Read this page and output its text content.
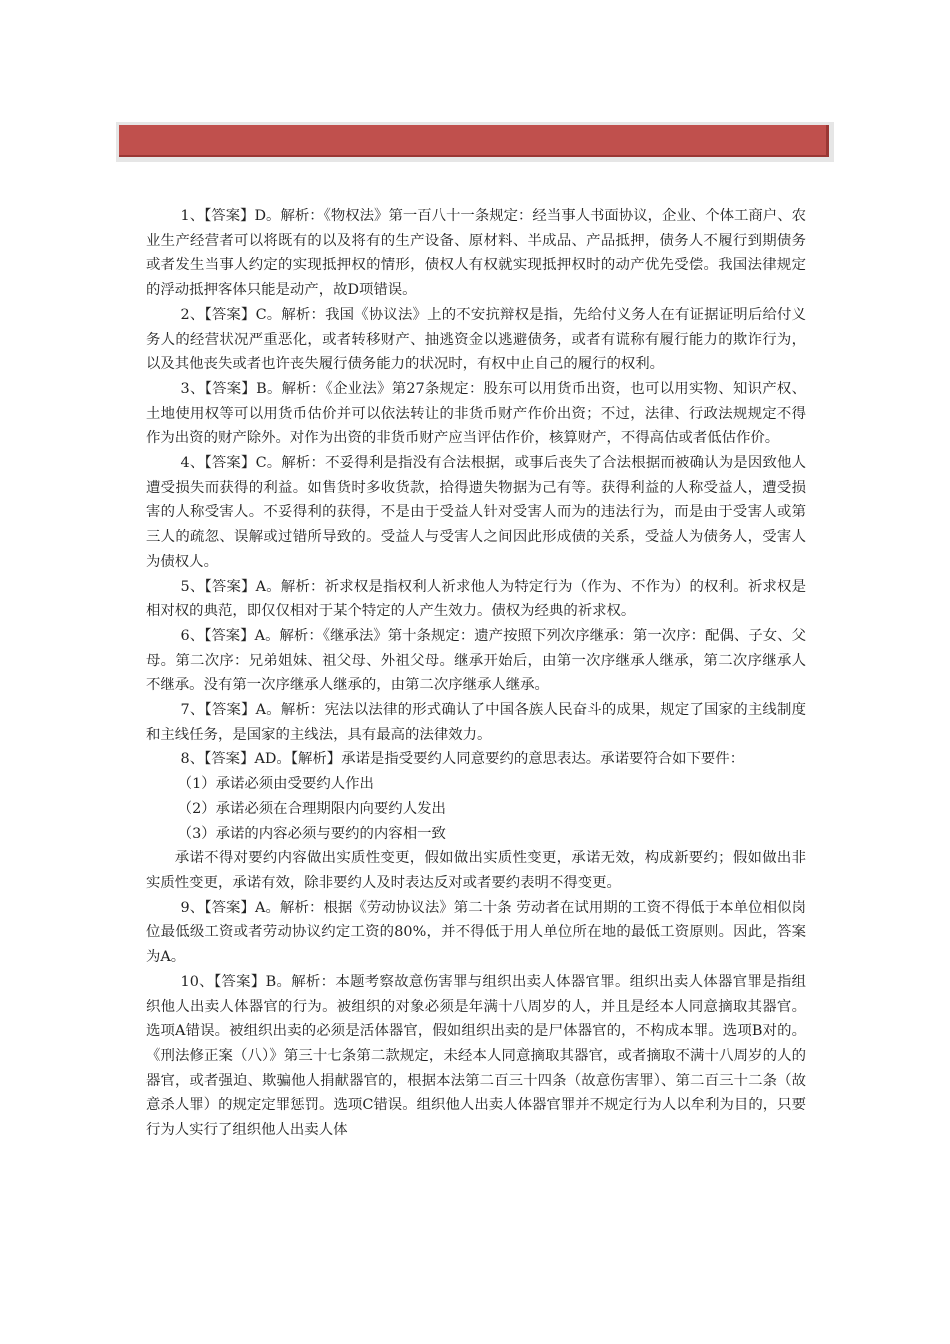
1、【答案】D。解析：《物权法》第一百八十一条规定：经当事人书面协议，企业、个体工商户、农业生产经营者可以将既有的以及将有的生产设备、原材料、半成品、产品抵押，债务人不履行到期债务或者发生当事人约定的实现抵押权的情形，债权人有权就实现抵押权时的动产优先受偿。我国法律规定的浮动抵押客体只能是动产，故D项错误。

2、【答案】C。解析：我国《协议法》上的不安抗辩权是指，先给付义务人在有证据证明后给付义务人的经营状况严重恶化，或者转移财产、抽逃资金以逃避债务，或者有谎称有履行能力的欺诈行为，以及其他丧失或者也许丧失履行债务能力的状况时，有权中止自己的履行的权利。

3、【答案】B。解析：《企业法》第27条规定：股东可以用货币出资，也可以用实物、知识产权、土地使用权等可以用货币估价并可以依法转让的非货币财产作价出资；不过，法律、行政法规规定不得作为出资的财产除外。对作为出资的非货币财产应当评估作价，核算财产，不得高估或者低估作价。

4、【答案】C。解析：不妥得利是指没有合法根据，或事后丧失了合法根据而被确认为是因致他人遭受损失而获得的利益。如售货时多收货款，拾得遗失物据为己有等。获得利益的人称受益人，遭受损害的人称受害人。不妥得利的获得，不是由于受益人针对受害人而为的违法行为，而是由于受害人或第三人的疏忽、误解或过错所导致的。受益人与受害人之间因此形成债的关系，受益人为债务人，受害人为债权人。

5、【答案】A。解析：祈求权是指权利人祈求他人为特定行为（作为、不作为）的权利。祈求权是相对权的典范，即仅仅相对于某个特定的人产生效力。债权为经典的祈求权。

6、【答案】A。解析：《继承法》第十条规定：遗产按照下列次序继承：第一次序：配偶、子女、父母。第二次序：兄弟姐妹、祖父母、外祖父母。继承开始后，由第一次序继承人继承，第二次序继承人不继承。没有第一次序继承人继承的，由第二次序继承人继承。

7、【答案】A。解析：宪法以法律的形式确认了中国各族人民奋斗的成果，规定了国家的主线制度和主线任务，是国家的主线法，具有最高的法律效力。

8、【答案】AD。【解析】承诺是指受要约人同意要约的意思表达。承诺要符合如下要件：

（1）承诺必须由受要约人作出

（2）承诺必须在合理期限内向要约人发出

（3）承诺的内容必须与要约的内容相一致

承诺不得对要约内容做出实质性变更，假如做出实质性变更，承诺无效，构成新要约；假如做出非实质性变更，承诺有效，除非要约人及时表达反对或者要约表明不得变更。

9、【答案】A。解析：根据《劳动协议法》第二十条 劳动者在试用期的工资不得低于本单位相似岗位最低级工资或者劳动协议约定工资的80%，并不得低于用人单位所在地的最低工资原则。因此，答案为A。

10、【答案】B。解析：本题考察故意伤害罪与组织出卖人体器官罪。组织出卖人体器官罪是指组织他人出卖人体器官的行为。被组织的对象必须是年满十八周岁的人，并且是经本人同意摘取其器官。选项A错误。被组织出卖的必须是活体器官，假如组织出卖的是尸体器官的，不构成本罪。选项B对的。《刑法修正案（八）》第三十七条第二款规定，未经本人同意摘取其器官，或者摘取不满十八周岁的人的器官，或者强迫、欺骗他人捐献器官的，根据本法第二百三十四条（故意伤害罪）、第二百三十二条（故意杀人罪）的规定定罪惩罚。选项C错误。组织他人出卖人体器官罪并不规定行为人以牟利为目的，只要行为人实行了组织他人出卖人体
